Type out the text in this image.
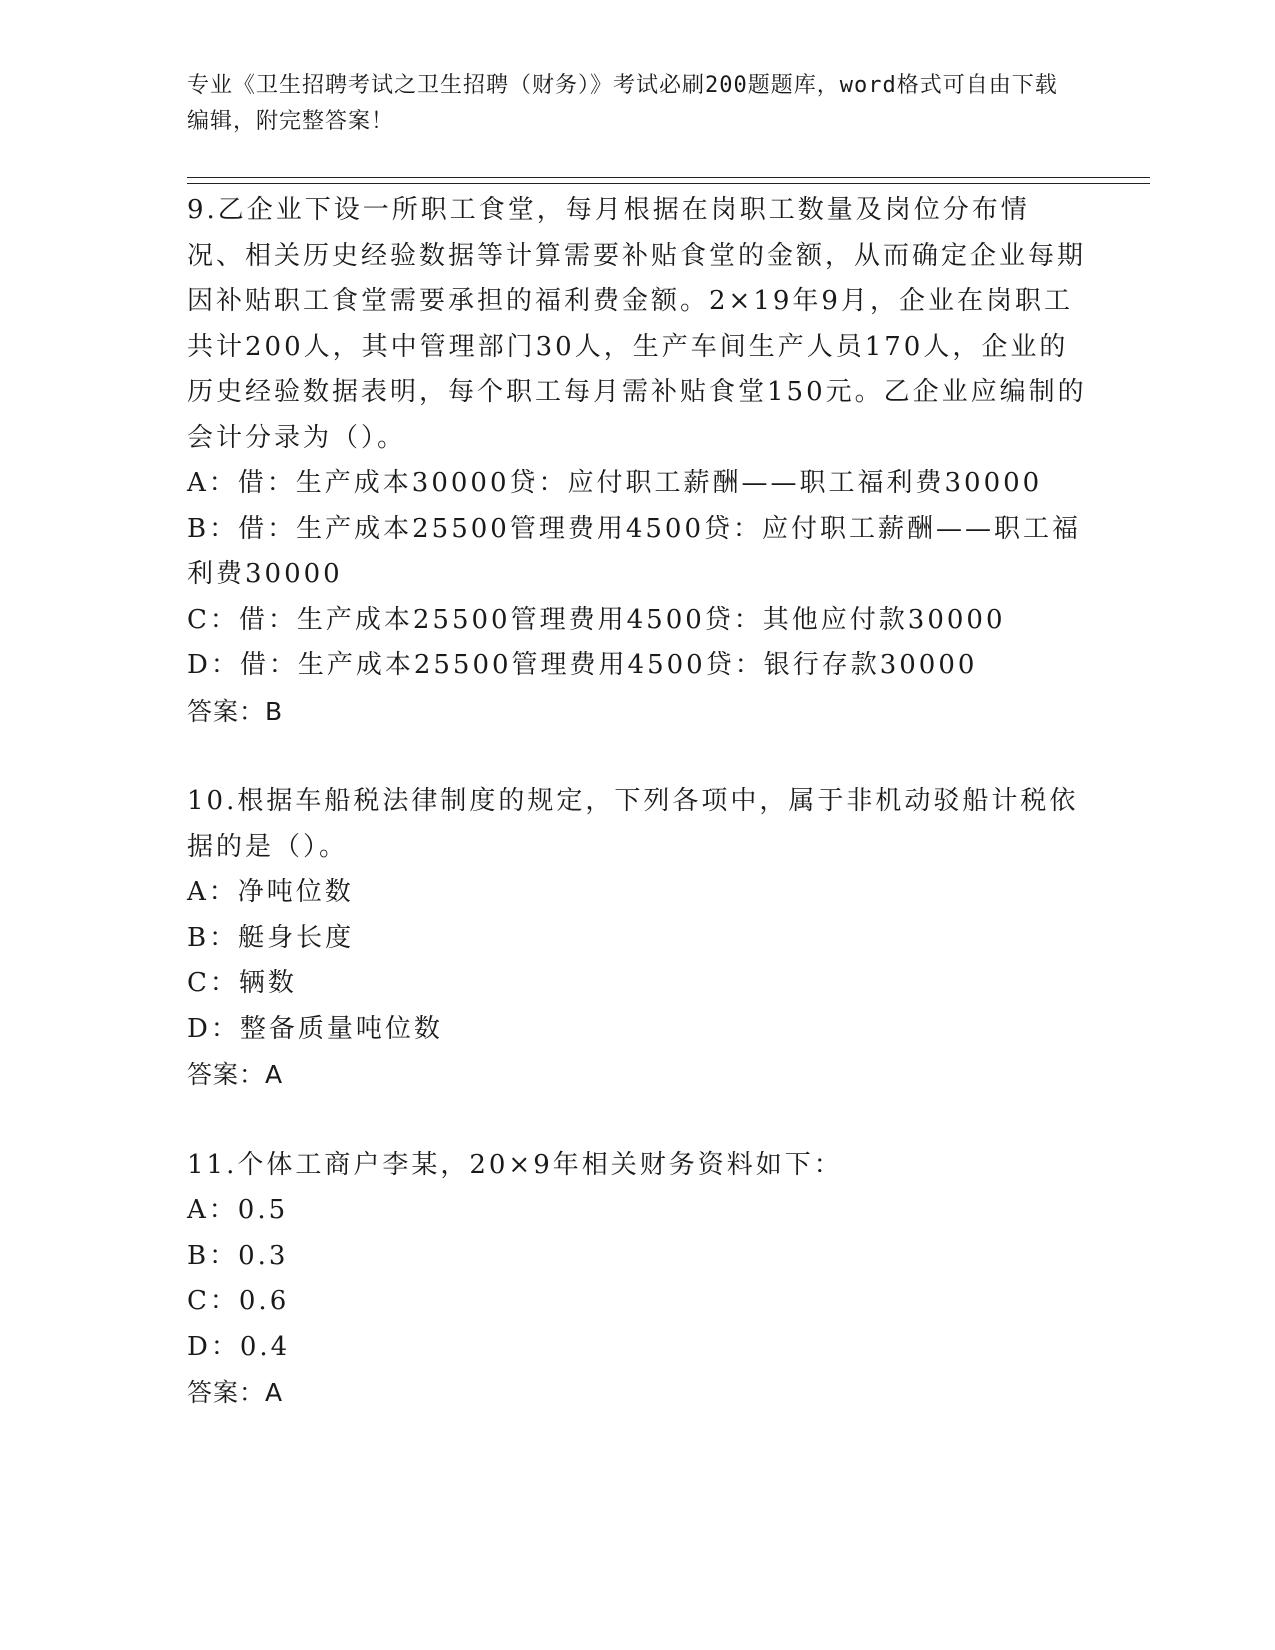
专业《卫生招聘考试之卫生招聘（财务）》考试必刷200题题库，word格式可自由下载编辑，附完整答案！

9.乙企业下设一所职工食堂，每月根据在岗职工数量及岗位分布情况、相关历史经验数据等计算需要补贴食堂的金额，从而确定企业每期因补贴职工食堂需要承担的福利费金额。2×19年9月，企业在岗职工共计200人，其中管理部门30人，生产车间生产人员170人，企业的历史经验数据表明，每个职工每月需补贴食堂150元。乙企业应编制的会计分录为（）。

A：借：生产成本30000贷：应付职工薪酬——职工福利费30000

B：借：生产成本25500管理费用4500贷：应付职工薪酬——职工福利费30000

C：借：生产成本25500管理费用4500贷：其他应付款30000

D：借：生产成本25500管理费用4500贷：银行存款30000

答案：B

10.根据车船税法律制度的规定，下列各项中，属于非机动驳船计税依据的是（）。

A：净吨位数

B：艇身长度

C：辆数

D：整备质量吨位数

答案：A

11.个体工商户李某，20×9年相关财务资料如下：

A：0.5

B：0.3

C：0.6

D：0.4

答案：A
